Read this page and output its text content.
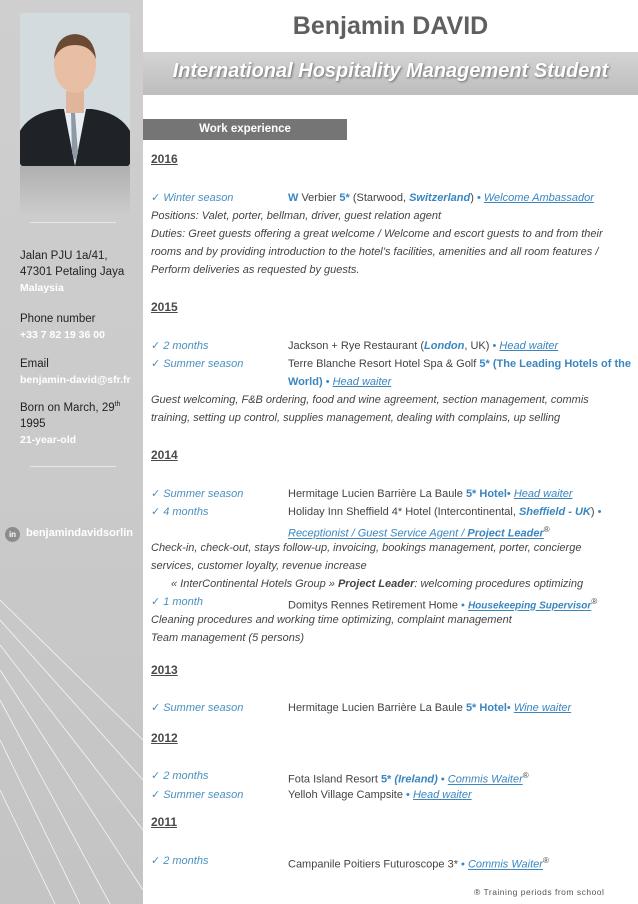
Jalan PJU 1a/41,
47301 Petaling Jaya
Malaysia
Phone number
+33 7 82 19 36 00
Email
benjamin-david@sfr.fr
Born on March, 29th
1995
21-year-old
in benjamindavidsorlin
Benjamin DAVID
International Hospitality Management Student
Work experience
2016
✓ Winter season	W Verbier 5* (Starwood, Switzerland) • Welcome Ambassador
Positions: Valet, porter, bellman, driver, guest relation agent
Duties: Greet guests offering a great welcome / Welcome and escort guests to and from their rooms and by providing introduction to the hotel’s facilities, amenities and all room features / Perform deliveries as requested by guests.
2015
✓ 2 months	Jackson + Rye Restaurant (London, UK) • Head waiter
✓ Summer season	Terre Blanche Resort Hotel Spa & Golf 5* (The Leading Hotels of the World) • Head waiter
Guest welcoming, F&B ordering, food and wine agreement, section management, commis training, setting up control, supplies management, dealing with complains, up selling
2014
✓ Summer season	Hermitage Lucien Barrière La Baule 5* Hotel• Head waiter
✓ 4 months	Holiday Inn Sheffield 4* Hotel (Intercontinental, Sheffield - UK) • Receptionist / Guest Service Agent / Project Leader®
Check-in, check-out, stays follow-up, invoicing, bookings management, porter, concierge services, customer loyalty, revenue increase
« InterContinental Hotels Group » Project Leader: welcoming procedures optimizing
✓ 1 month	Domitys Rennes Retirement Home • Housekeeping Supervisor®
Cleaning procedures and working time optimizing, complaint management
Team management (5 persons)
2013
✓ Summer season	Hermitage Lucien Barrière La Baule 5* Hotel• Wine waiter
2012
✓ 2 months	Fota Island Resort 5* (Ireland) • Commis Waiter®
✓ Summer season	Yelloh Village Campsite • Head waiter
2011
✓ 2 months	Campanile Poitiers Futuroscope 3* • Commis Waiter®
® Training periods from school
